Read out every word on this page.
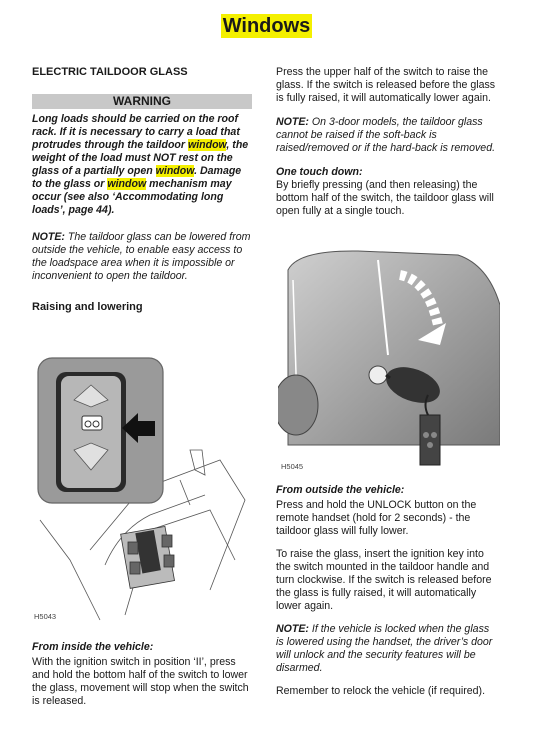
Windows

ELECTRIC TAILDOOR GLASS

WARNING

Long loads should be carried on the roof rack. If it is necessary to carry a load that protrudes through the taildoor window, the weight of the load must NOT rest on the glass of a partially open window. Damage to the glass or window mechanism may occur (see also ‘Accommodating long loads’, page 44).

NOTE: The taildoor glass can be lowered from outside the vehicle, to enable easy access to the loadspace area when it is impossible or inconvenient to open the taildoor.

Raising and lowering

H5043

From inside the vehicle:

With the ignition switch in position ‘II’, press and hold the bottom half of the switch to lower the glass, movement will stop when the switch is released.

Press the upper half of the switch to raise the glass. If the switch is released before the glass is fully raised, it will automatically lower again.

NOTE: On 3-door models, the taildoor glass cannot be raised if the soft-back is raised/removed or if the hard-back is removed.

One touch down:

By briefly pressing (and then releasing) the bottom half of the switch, the taildoor glass will open fully at a single touch.

H5045

From outside the vehicle:

Press and hold the UNLOCK button on the remote handset (hold for 2 seconds) - the taildoor glass will fully lower.

To raise the glass, insert the ignition key into the switch mounted in the taildoor handle and turn clockwise. If the switch is released before the glass is fully raised, it will automatically lower again.

NOTE: If the vehicle is locked when the glass is lowered using the handset, the driver’s door will unlock and the security features will be disarmed.

Remember to relock the vehicle (if required).
